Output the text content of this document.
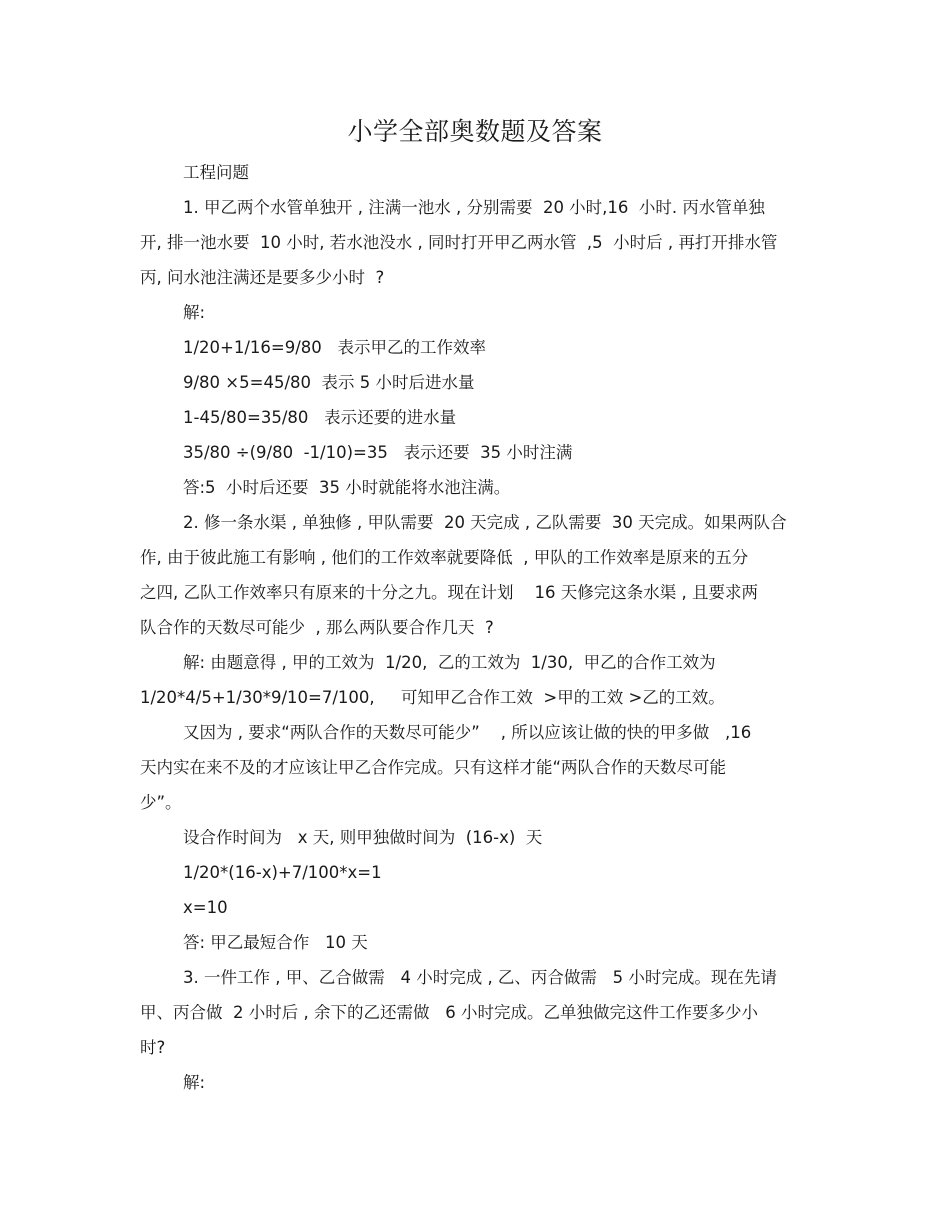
小学全部奥数题及答案
工程问题
1. 甲乙两个水管单独开 , 注满一池水 , 分别需要  20 小时,16  小时. 丙水管单独
开, 排一池水要  10 小时, 若水池没水 , 同时打开甲乙两水管  ,5  小时后 , 再打开排水管
丙, 问水池注满还是要多少小时  ?
解:
1/20+1/16=9/80   表示甲乙的工作效率
9/80 ×5=45/80  表示 5 小时后进水量
1-45/80=35/80   表示还要的进水量
35/80 ÷(9/80  -1/10)=35   表示还要  35 小时注满
答:5  小时后还要  35 小时就能将水池注满。
2. 修一条水渠 , 单独修 , 甲队需要  20 天完成 , 乙队需要  30 天完成。如果两队合
作, 由于彼此施工有影响 , 他们的工作效率就要降低  , 甲队的工作效率是原来的五分
之四, 乙队工作效率只有原来的十分之九。现在计划    16 天修完这条水渠 , 且要求两
队合作的天数尽可能少  , 那么两队要合作几天  ?
解: 由题意得 , 甲的工效为  1/20,  乙的工效为  1/30,  甲乙的合作工效为
1/20*4/5+1/30*9/10=7/100,     可知甲乙合作工效  >甲的工效 >乙的工效。
又因为 , 要求“两队合作的天数尽可能少”    , 所以应该让做的快的甲多做   ,16
天内实在来不及的才应该让甲乙合作完成。只有这样才能“两队合作的天数尽可能
少”。
设合作时间为   x 天, 则甲独做时间为  (16-x)  天
1/20*(16-x)+7/100*x=1
x=10
答: 甲乙最短合作   10 天
3. 一件工作 , 甲、乙合做需   4 小时完成 , 乙、丙合做需   5 小时完成。现在先请
甲、丙合做  2 小时后 , 余下的乙还需做   6 小时完成。乙单独做完这件工作要多少小
时?
解:
